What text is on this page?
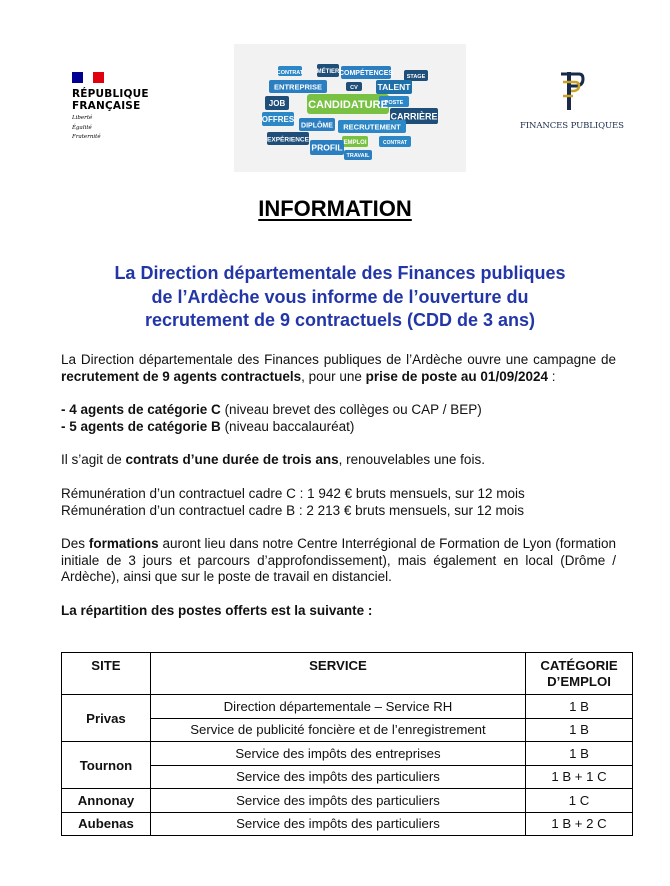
RÉPUBLIQUE
FRANÇAISE
Liberté
Égalité
Fraternité
CONTRAT MÉTIER COMPÉTENCES
ENTREPRISE	CV TALENT
STAGE
JOB	POSTE
CANDIDATURE
OFFRES	CARRIÈRE
DIPLÔME RECRUTEMENT
EXPÉRIENCE	EMPLOI
PROFIL	CONTRAT
TRAVAIL
FINANCES PUBLIQUES
INFORMATION
La Direction départementale des Finances publiques
de l’Ardèche vous informe de l’ouverture du
recrutement de 9 contractuels (CDD de 3 ans)

La Direction départementale des Finances publiques de l’Ardèche ouvre une campagne de recrutement de 9 agents contractuels, pour une prise de poste au 01/09/2024 :

- 4 agents de catégorie C (niveau brevet des collèges ou CAP / BEP)

- 5 agents de catégorie B (niveau baccalauréat)

Il s’agit de contrats d’une durée de trois ans, renouvelables une fois.

Rémunération d’un contractuel cadre C : 1 942 € bruts mensuels, sur 12 mois

Rémunération d’un contractuel cadre B : 2 213 € bruts mensuels, sur 12 mois

Des formations auront lieu dans notre Centre Interrégional de Formation de Lyon (formation initiale de 3 jours et parcours d’approfondissement), mais également en local (Drôme / Ardèche), ainsi que sur le poste de travail en distanciel.

La répartition des postes offerts est la suivante :

SITE	SERVICE	CATÉGORIE D’EMPLOI
Privas	Direction départementale – Service RH	1 B
	Service de publicité foncière et de l’enregistrement	1 B
Tournon	Service des impôts des entreprises	1 B
	Service des impôts des particuliers	1 B + 1 C
Annonay	Service des impôts des particuliers	1 C
Aubenas	Service des impôts des particuliers	1 B + 2 C
